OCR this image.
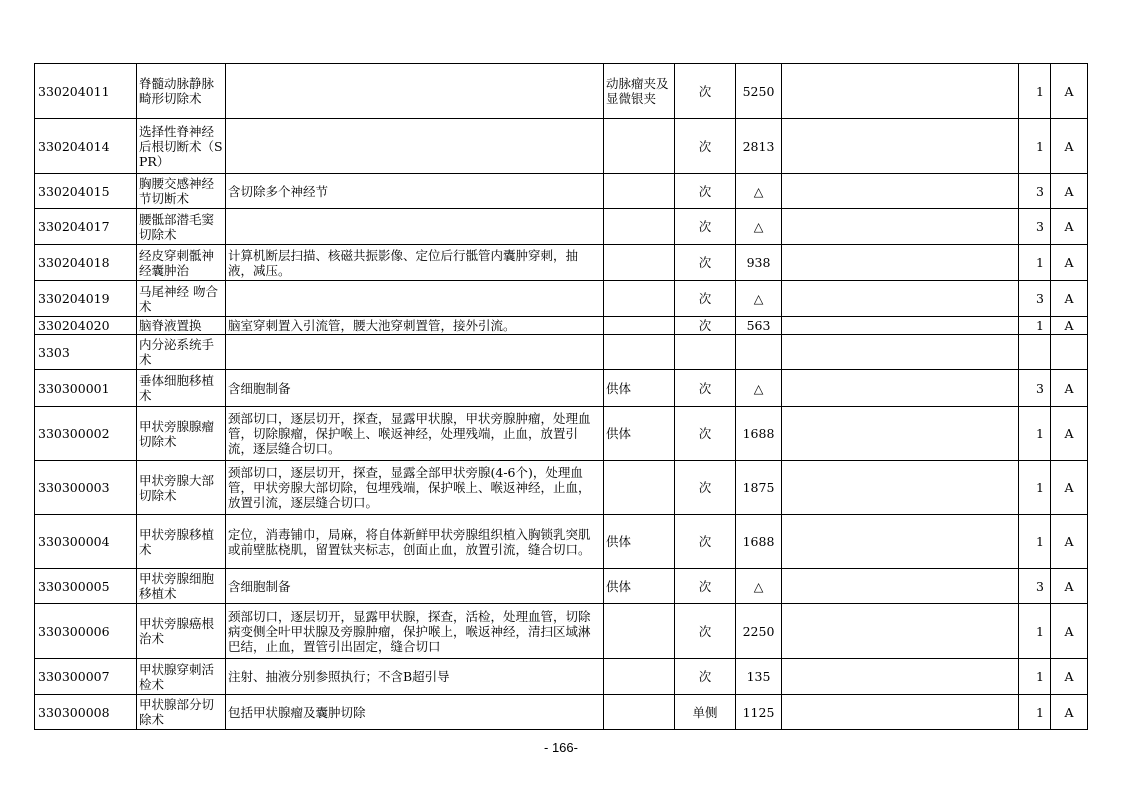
330204011	脊髓动脉静脉畸形切除术		动脉瘤夹及显微银夹	次	5250		1	A
330204014	选择性脊神经后根切断术（SPR）			次	2813		1	A
330204015	胸腰交感神经节切断术	含切除多个神经节		次	△		3	A
330204017	腰骶部潜毛窦切除术			次	△		3	A
330204018	经皮穿刺骶神经囊肿治	计算机断层扫描、核磁共振影像、定位后行骶管内囊肿穿刺，抽液，减压。		次	938		1	A
330204019	马尾神经 吻合术			次	△		3	A
330204020	脑脊液置换	脑室穿刺置入引流管，腰大池穿刺置管，接外引流。		次	563		1	A
3303	内分泌系统手术							
330300001	垂体细胞移植术	含细胞制备	供体	次	△		3	A
330300002	甲状旁腺腺瘤切除术	颈部切口，逐层切开，探查，显露甲状腺，甲状旁腺肿瘤，处理血管，切除腺瘤，保护喉上、喉返神经，处理残端，止血，放置引流，逐层缝合切口。	供体	次	1688		1	A
330300003	甲状旁腺大部切除术	颈部切口，逐层切开，探查，显露全部甲状旁腺(4-6个)，处理血管，甲状旁腺大部切除，包埋残端，保护喉上、喉返神经，止血，放置引流，逐层缝合切口。		次	1875		1	A
330300004	甲状旁腺移植术	定位，消毒铺巾，局麻，将自体新鲜甲状旁腺组织植入胸锁乳突肌或前壁肱桡肌，留置钛夹标志，创面止血，放置引流，缝合切口。	供体	次	1688		1	A
330300005	甲状旁腺细胞移植术	含细胞制备	供体	次	△		3	A
330300006	甲状旁腺癌根治术	颈部切口，逐层切开，显露甲状腺，探查，活检，处理血管，切除病变侧全叶甲状腺及旁腺肿瘤，保护喉上，喉返神经，清扫区域淋巴结，止血，置管引出固定，缝合切口		次	2250		1	A
330300007	甲状腺穿刺活检术	注射、抽液分别参照执行；不含B超引导		次	135		1	A
330300008	甲状腺部分切除术	包括甲状腺瘤及囊肿切除		单侧	1125		1	A
- 166-
